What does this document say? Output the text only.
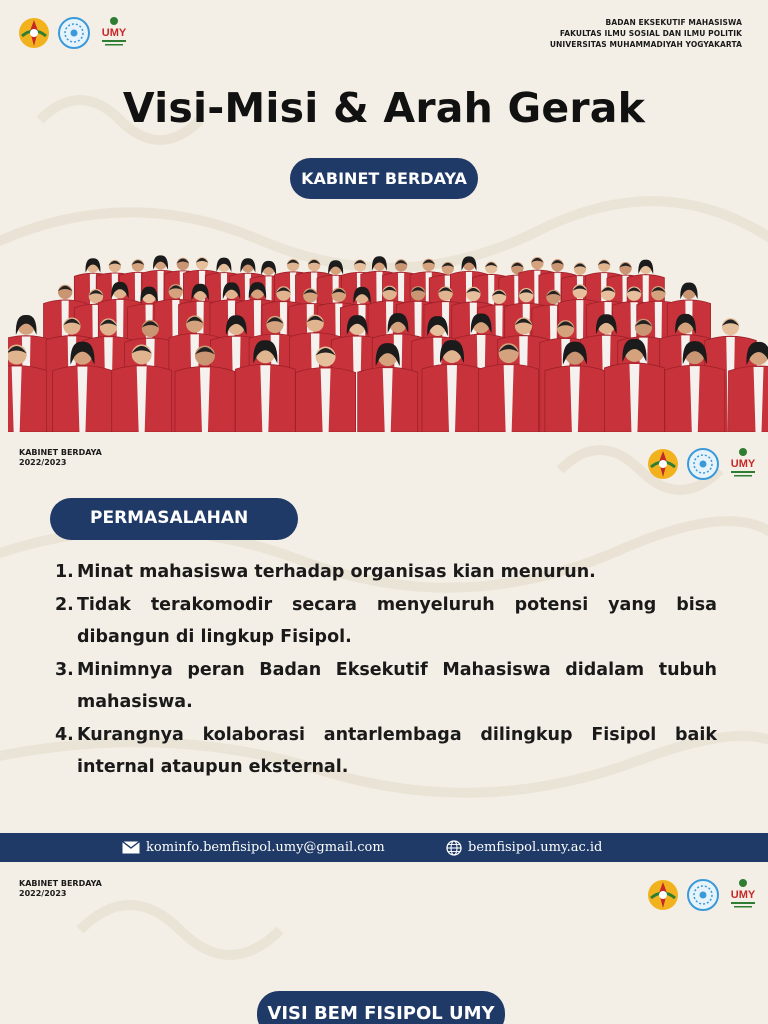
UMY
BADAN EKSEKUTIF MAHASISWA
FAKULTAS ILMU SOSIAL DAN ILMU POLITIK
UNIVERSITAS MUHAMMADIYAH YOGYAKARTA
Visi-Misi & Arah Gerak
KABINET BERDAYA
KABINET BERDAYA
2022/2023	UMY
PERMASALAHAN
1. Minat mahasiswa terhadap organisas kian menurun.
2. Tidak terakomodir secara menyeluruh potensi yang bisa dibangun di lingkup Fisipol.
3. Minimnya peran Badan Eksekutif Mahasiswa didalam tubuh mahasiswa.
4. Kurangnya kolaborasi antarlembaga dilingkup Fisipol baik internal ataupun eksternal.
kominfo.bemfisipol.umy@gmail.com	bemfisipol.umy.ac.id
KABINET BERDAYA
2022/2023	UMY
VISI BEM FISIPOL UMY
